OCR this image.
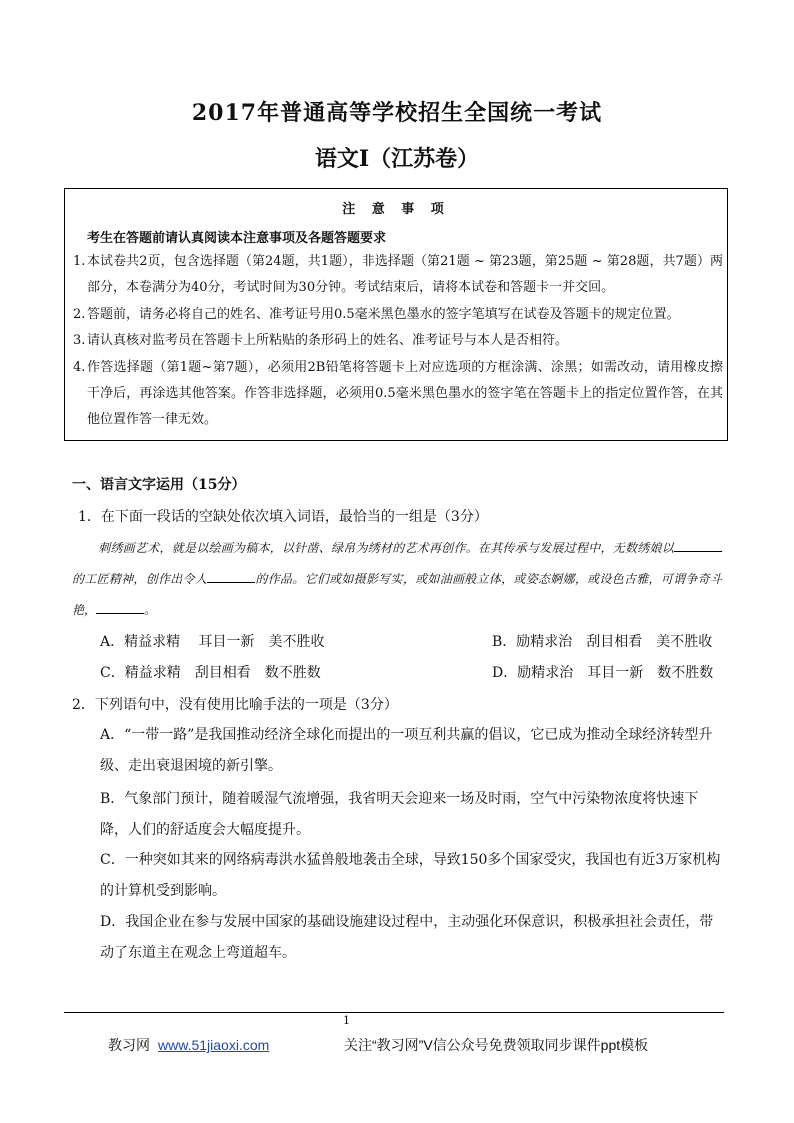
2017年普通高等学校招生全国统一考试
语文Ⅰ（江苏卷）
注 意 事 项
考生在答题前请认真阅读本注意事项及各题答题要求
1. 本试卷共2页，包含选择题（第24题，共1题），非选择题（第21题 ~ 第23题，第25题 ~ 第28题，共7题）两部分，本卷满分为40分，考试时间为30分钟。考试结束后，请将本试卷和答题卡一并交回。
2. 答题前，请务必将自己的姓名、准考证号用0.5毫米黑色墨水的签字笔填写在试卷及答题卡的规定位置。
3. 请认真核对监考员在答题卡上所粘贴的条形码上的姓名、准考证号与本人是否相符。
4. 作答选择题（第1题~第7题），必须用2B铅笔将答题卡上对应选项的方框涂满、涂黑；如需改动，请用橡皮擦干净后，再涂选其他答案。作答非选择题，必须用0.5毫米黑色墨水的签字笔在答题卡上的指定位置作答，在其他位置作答一律无效。
一、语言文字运用（15分）
1．在下面一段话的空缺处依次填入词语，最恰当的一组是（3分）
刺绣画艺术，就是以绘画为稿本，以针凿、绿帛为绣材的艺术再创作。在其传承与发展过程中，无数绣娘以的工匠精神，创作出令人	的作品。它们或如摄影写实，或如油画般立体，或姿态婀娜，或设色古雅，可谓争奇斗艳，	。
A．精益求精　 耳目一新　美不胜收	B．励精求治　刮目相看　美不胜收
C．精益求精　刮目相看　数不胜数	D．励精求治　耳目一新　数不胜数
2．下列语句中，没有使用比喻手法的一项是（3分）
A．“一带一路”是我国推动经济全球化而提出的一项互利共赢的倡议，它已成为推动全球经济转型升级、走出衰退困境的新引擎。
B．气象部门预计，随着暖湿气流增强，我省明天会迎来一场及时雨，空气中污染物浓度将快速下降，人们的舒适度会大幅度提升。
C．一种突如其来的网络病毒洪水猛兽般地袭击全球，导致150多个国家受灾，我国也有近3万家机构的计算机受到影响。
D．我国企业在参与发展中国家的基础设施建设过程中，主动强化环保意识，积极承担社会责任，带动了东道主在观念上弯道超车。
1
教习网 www.51jiaoxi.com	关注“教习网”V信公众号免费领取同步课件ppt模板
